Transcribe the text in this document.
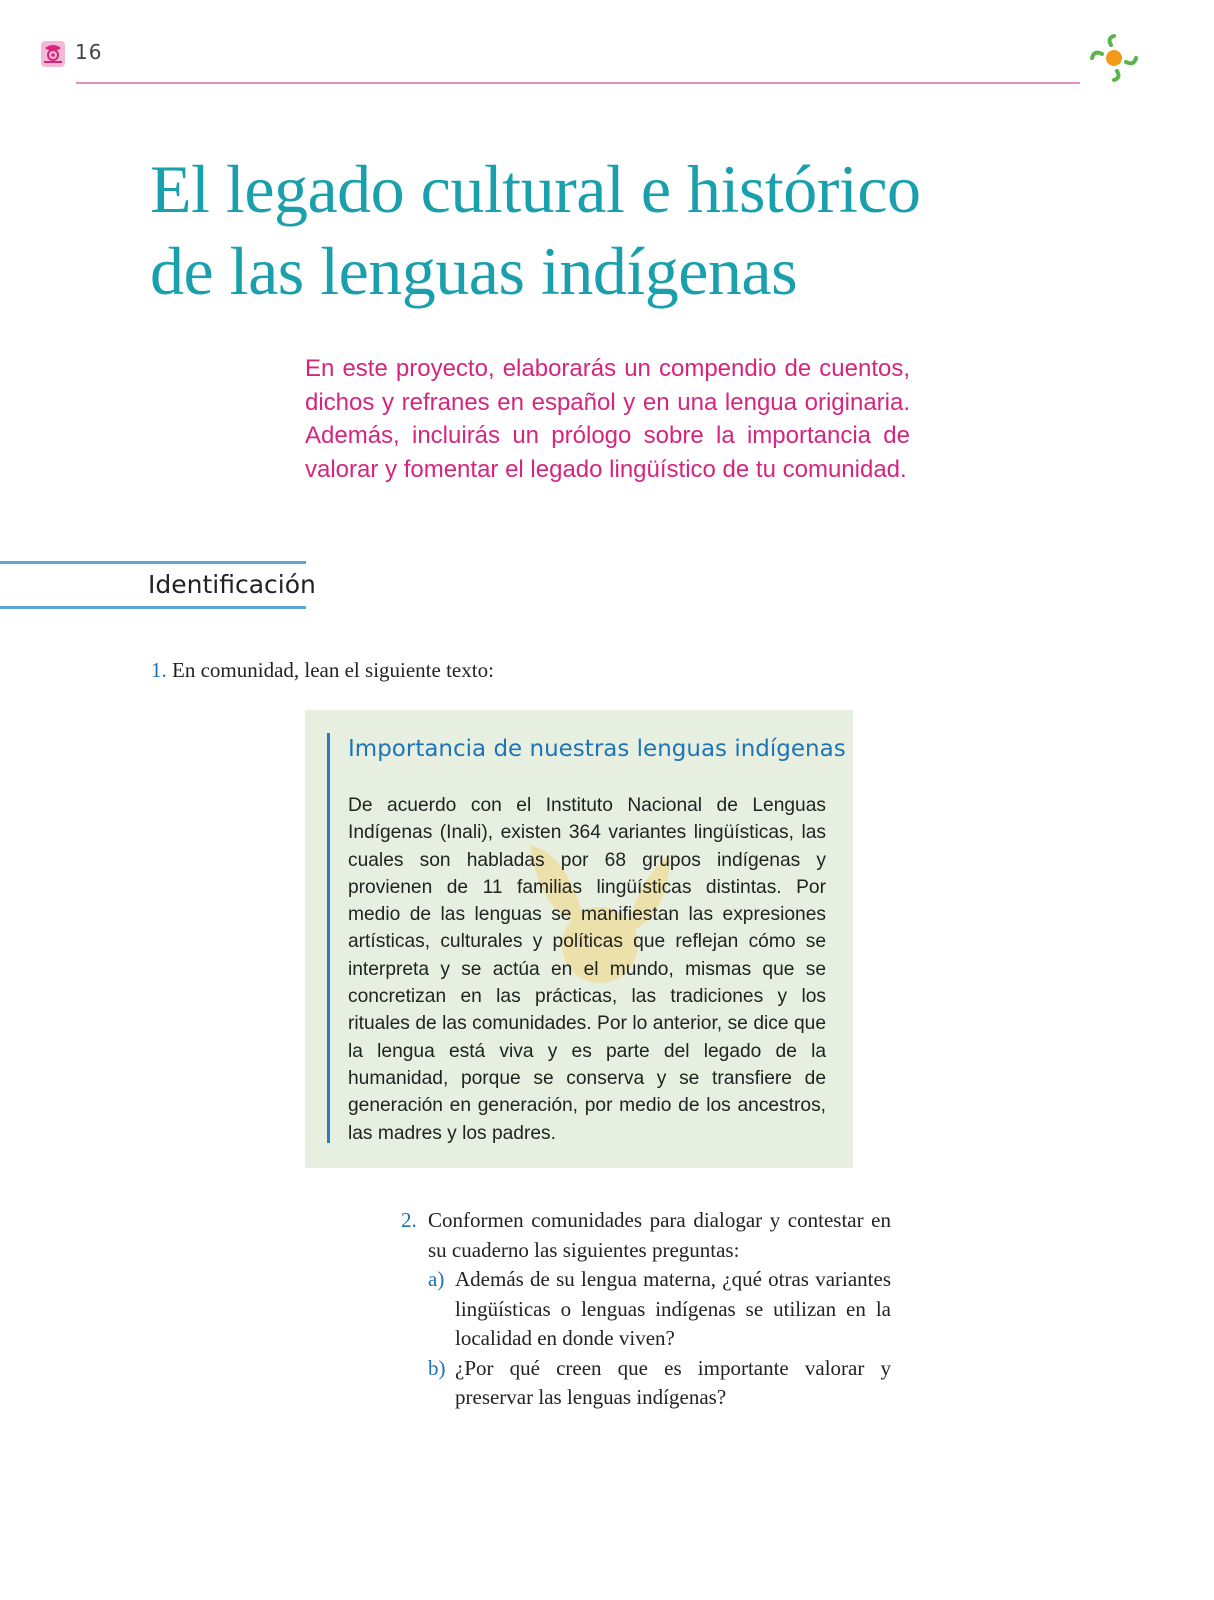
16
El legado cultural e histórico
de las lenguas indígenas

En este proyecto, elaborarás un compendio de cuentos, dichos y refranes en español y en una lengua originaria. Además, incluirás un prólogo sobre la importancia de valorar y fomentar el legado lingüístico de tu comunidad.

Identificación
1. En comunidad, lean el siguiente texto:
Importancia de nuestras lenguas indígenas

De acuerdo con el Instituto Nacional de Lenguas Indígenas (Inali), existen 364 variantes lingüísticas, las cuales son habladas por 68 grupos indígenas y provienen de 11 familias lingüísticas distintas. Por medio de las lenguas se manifiestan las expresiones artísticas, culturales y políticas que reflejan cómo se interpreta y se actúa en el mundo, mismas que se concretizan en las prácticas, las tradiciones y los rituales de las comunidades. Por lo anterior, se dice que la lengua está viva y es parte del legado de la humanidad, porque se conserva y se transfiere de generación en generación, por medio de los ancestros, las madres y los padres.

2. Conformen comunidades para dialogar y contestar en su cuaderno las siguientes preguntas:
a) Además de su lengua materna, ¿qué otras variantes lingüísticas o lenguas indígenas se utilizan en la localidad en donde viven?
b) ¿Por qué creen que es importante valorar y preservar las lenguas indígenas?
